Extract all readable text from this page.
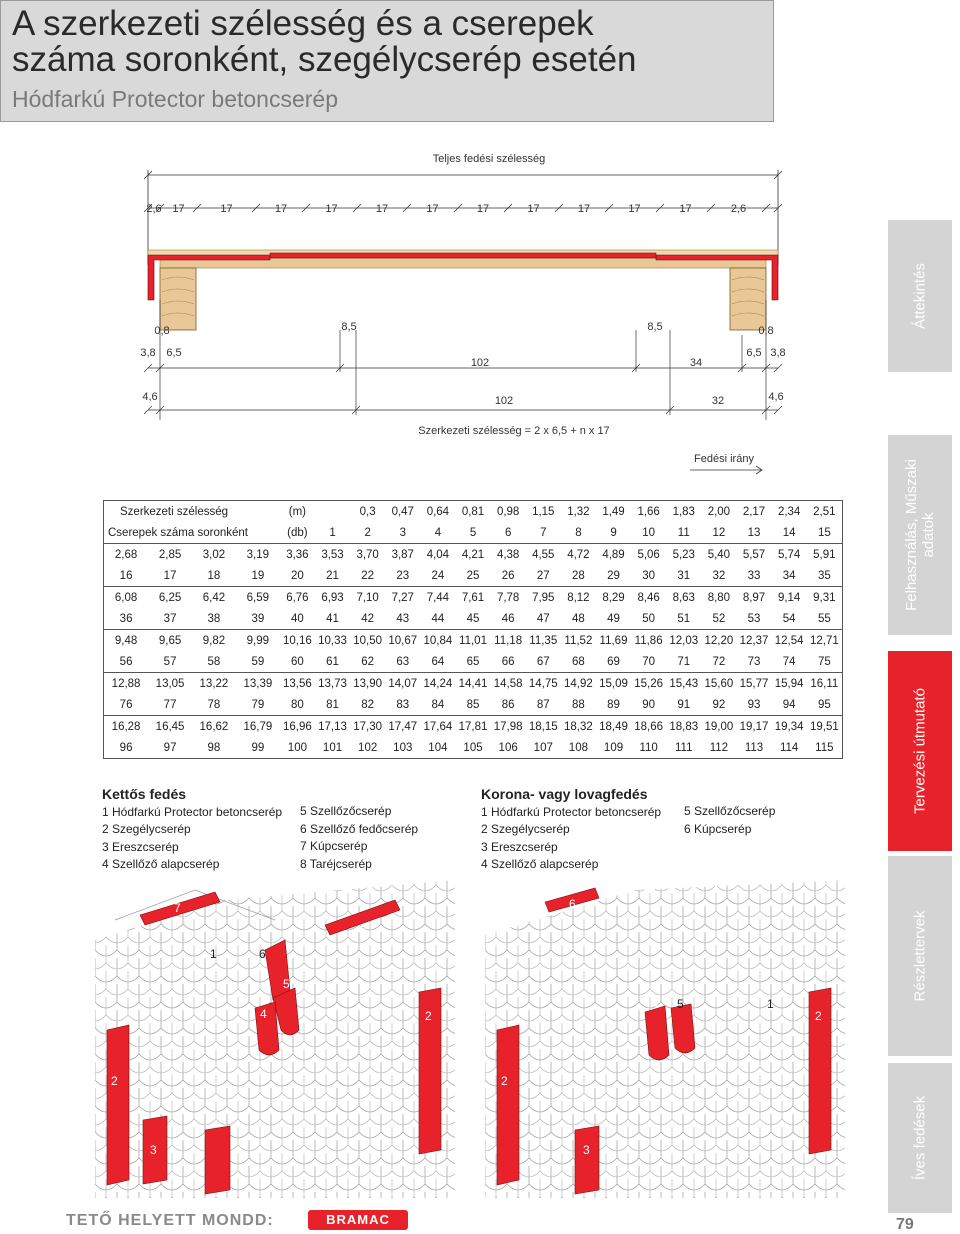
A szerkezeti szélesség és a cserepek
száma soronként, szegélycserép esetén
Hódfarkú Protector betoncserép
Áttekintés
Felhasználás, Műszaki adatok
Tervezési útmutató
Részlettervek
Íves fedések
Teljes fedési szélesség
2,6 17	17	17	17	17	17	17	17	17	17	17	2,6
0,8	8,5	8,5	0,8
3,8 6,5
102	34
6,5 3,8
4,6	102	32	4,6
Szerkezeti szélesség = 2 x 6,5 + n x 17
Fedési irány
Szerkezeti szélesség				(m)		0,3	0,47	0,64	0,81	0,98	1,15	1,32	1,49	1,66	1,83	2,00	2,17	2,34	2,51
Cserepek száma soronként				(db)	1	2	3	4	5	6	7	8	9	10	11	12	13	14	15
2,68	2,85	3,02	3,19	3,36	3,53	3,70	3,87	4,04	4,21	4,38	4,55	4,72	4,89	5,06	5,23	5,40	5,57	5,74	5,91
16	17	18	19	20	21	22	23	24	25	26	27	28	29	30	31	32	33	34	35
6,08	6,25	6,42	6,59	6,76	6,93	7,10	7,27	7,44	7,61	7,78	7,95	8,12	8,29	8,46	8,63	8,80	8,97	9,14	9,31
36	37	38	39	40	41	42	43	44	45	46	47	48	49	50	51	52	53	54	55
9,48	9,65	9,82	9,99	10,16	10,33	10,50	10,67	10,84	11,01	11,18	11,35	11,52	11,69	11,86	12,03	12,20	12,37	12,54	12,71
56	57	58	59	60	61	62	63	64	65	66	67	68	69	70	71	72	73	74	75
12,88	13,05	13,22	13,39	13,56	13,73	13,90	14,07	14,24	14,41	14,58	14,75	14,92	15,09	15,26	15,43	15,60	15,77	15,94	16,11
76	77	78	79	80	81	82	83	84	85	86	87	88	89	90	91	92	93	94	95
16,28	16,45	16,62	16,79	16,96	17,13	17,30	17,47	17,64	17,81	17,98	18,15	18,32	18,49	18,66	18,83	19,00	19,17	19,34	19,51
96	97	98	99	100	101	102	103	104	105	106	107	108	109	110	111	112	113	114	115
Kettős fedés
1 Hódfarkú Protector betoncserép
2 Szegélycserép
3 Ereszcserép
4 Szellőző alapcserép
5 Szellőzőcserép
6 Szellőző fedőcserép
7 Kúpcserép
8 Taréjcserép
Korona- vagy lovagfedés
1 Hódfarkú Protector betoncserép
2 Szegélycserép
3 Ereszcserép
4 Szellőző alapcserép
5 Szellőzőcserép
6 Kúpcserép
7
8
1	6
5
4	2
2
3
6
4 5	1
2
2
3
TETŐ HELYETT MONDD:	BRAMAC	79
